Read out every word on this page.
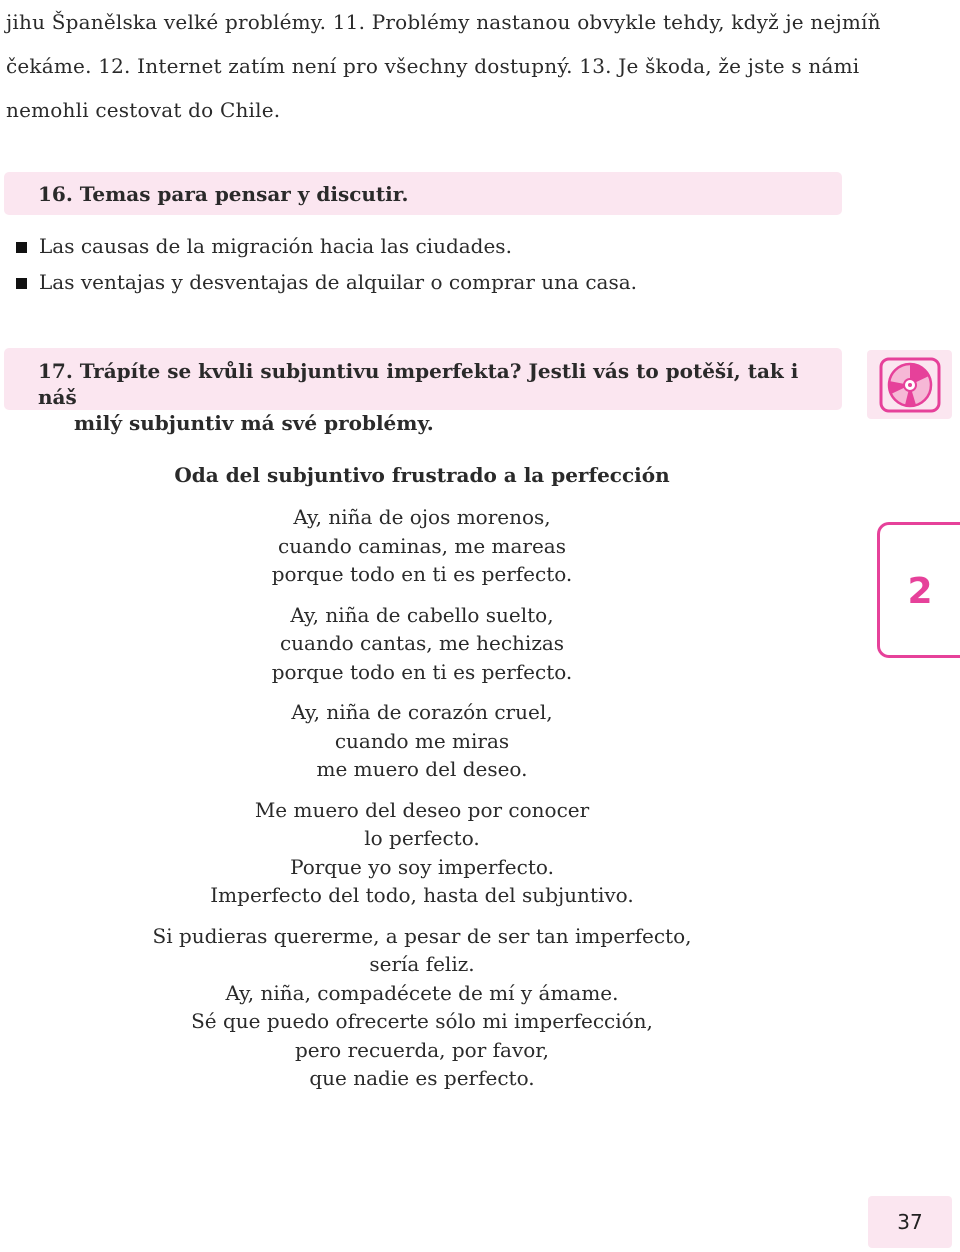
jihu Španělska velké problémy. 11. Problémy nastanou obvykle tehdy, když je nejmíň
čekáme. 12. Internet zatím není pro všechny dostupný. 13. Je škoda, že jste s námi
nemohli cestovat do Chile.
16. Temas para pensar y discutir.
Las causas de la migración hacia las ciudades.
Las ventajas y desventajas de alquilar o comprar una casa.
17. Trápíte se kvůli subjuntivu imperfekta? Jestli vás to potěší, tak i náš
milý subjuntiv má své problémy.
2
Oda del subjuntivo frustrado a la perfección
Ay, niña de ojos morenos,
cuando caminas, me mareas
porque todo en ti es perfecto.
Ay, niña de cabello suelto,
cuando cantas, me hechizas
porque todo en ti es perfecto.
Ay, niña de corazón cruel,
cuando me miras
me muero del deseo.
Me muero del deseo por conocer
lo perfecto.
Porque yo soy imperfecto.
Imperfecto del todo, hasta del subjuntivo.
Si pudieras quererme, a pesar de ser tan imperfecto,
sería feliz.
Ay, niña, compadécete de mí y ámame.
Sé que puedo ofrecerte sólo mi imperfección,
pero recuerda, por favor,
que nadie es perfecto.
37
